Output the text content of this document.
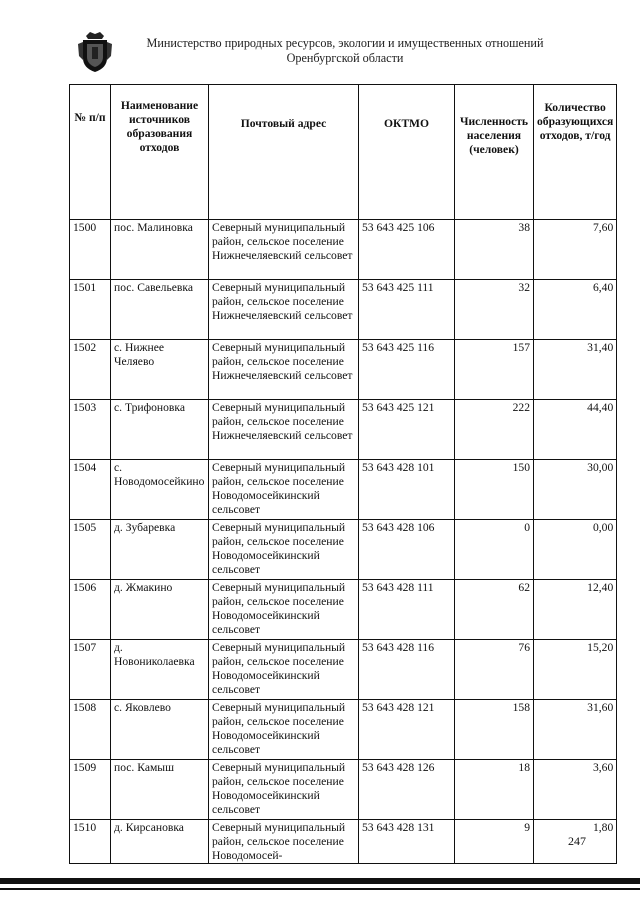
Министерство природных ресурсов, экологии и имущественных отношений
Оренбургской области
№ п/п	Наименование источников образования отходов	Почтовый адрес	ОКТМО	Численность населения (человек)	Количество образующихся отходов, т/год
1500	пос. Малиновка	Северный муниципальный район, сельское поселение Нижнечеляевский сельсовет	53 643 425 106	38	7,60
1501	пос. Савельевка	Северный муниципальный район, сельское поселение Нижнечеляевский сельсовет	53 643 425 111	32	6,40
1502	с. Нижнее Челяево	Северный муниципальный район, сельское поселение Нижнечеляевский сельсовет	53 643 425 116	157	31,40
1503	с. Трифоновка	Северный муниципальный район, сельское поселение Нижнечеляевский сельсовет	53 643 425 121	222	44,40
1504	с. Новодомосейкино	Северный муниципальный район, сельское поселение Новодомосейкинский сельсовет	53 643 428 101	150	30,00
1505	д. Зубаревка	Северный муниципальный район, сельское поселение Новодомосейкинский сельсовет	53 643 428 106	0	0,00
1506	д. Жмакино	Северный муниципальный район, сельское поселение Новодомосейкинский сельсовет	53 643 428 111	62	12,40
1507	д. Новониколаевка	Северный муниципальный район, сельское поселение Новодомосейкинский сельсовет	53 643 428 116	76	15,20
1508	с. Яковлево	Северный муниципальный район, сельское поселение Новодомосейкинский сельсовет	53 643 428 121	158	31,60
1509	пос. Камыш	Северный муниципальный район, сельское поселение Новодомосейкинский сельсовет	53 643 428 126	18	3,60
1510	д. Кирсановка	Северный муниципальный район, сельское поселение Новодомосей-	53 643 428 131	9	1,80
247
